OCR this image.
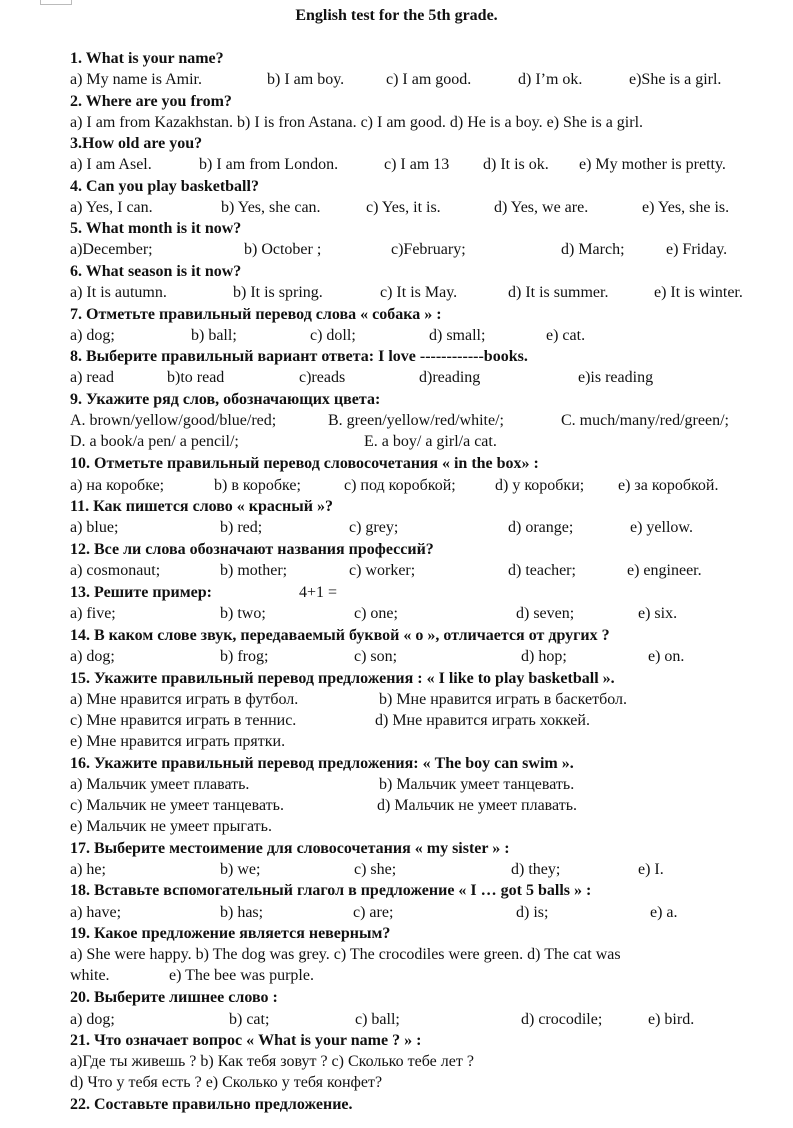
English test for the 5th grade.
1. What is your name?
a) My name is Amir.	b) I am boy.	c) I am good.	d) I’m ok.	e)She is a girl.
2. Where are you from?
a) I am from Kazakhstan. b) I is fron Astana. c) I am good. d) He is a boy. e) She is a girl.
3.How old are you?
a) I am Asel.	b) I am from London.	c) I am 13 d) It is ok. e) My mother is pretty.
4. Can you play basketball?
a) Yes, I can.	b) Yes, she can.	c) Yes, it is.	d) Yes, we are.	e) Yes, she is.
5. What month is it now?
a)December;	b) October ;	c)February;	d) March;	e) Friday.
6. What season is it now?
a) It is autumn.	b) It is spring.	c) It is May.	d) It is summer.	e) It is winter.
7. Отметьте правильный перевод слова « собака » :
a) dog;	b) ball;	c) doll;	d) small;	e) cat.
8. Выберите правильный вариант ответа: I love ------------books.
a) read	b)to read	c)reads	d)reading	e)is reading
9. Укажите ряд слов, обозначающих цвета:
A. brown/yellow/good/blue/red;	B. green/yellow/red/white/;	C. much/many/red/green/;
D. a book/a pen/ a pencil/;	E. a boy/ a girl/a cat.
10. Отметьте правильный перевод словосочетания « in the box» :
a) на коробке;	b) в коробке;	c) под коробкой; d) у коробки; e) за коробкой.
11. Как пишется слово « красный »?
a) blue;	b) red;	c) grey;	d) orange;	e) yellow.
12. Все ли слова обозначают названия профессий?
a) cosmonaut;	b) mother;	c) worker;	d) teacher;	e) engineer.
13. Решите пример:	4+1 =
a) five;	b) two;	c) one;	d) seven;	e) six.
14. В каком слове звук, передаваемый буквой « о », отличается от других ?
a) dog;	b) frog;	c) son;	d) hop;	e) on.
15. Укажите правильный перевод предложения : « I like to play basketball ».
a) Мне нравится играть в футбол.	b) Мне нравится играть в баскетбол.
c) Мне нравится играть в теннис.	d) Мне нравится играть хоккей.
e) Мне нравится играть прятки.
16. Укажите правильный перевод предложения: « The boy can swim ».
a) Мальчик умеет плавать.	b) Мальчик умеет танцевать.
c) Мальчик не умеет танцевать.	d) Мальчик не умеет плавать.
e) Мальчик не умеет прыгать.
17. Выберите местоимение для словосочетания « my sister » :
a) he;	b) we;	c) she;	d) they;	e) I.
18. Вставьте вспомогательный глагол в предложение « I … got 5 balls » :
a) have;	b) has;	c) are;	d) is;	e) a.
19. Какое предложение является неверным?
a) She were happy. b) The dog was grey. c) The crocodiles were green. d) The cat was
white.	e) The bee was purple.
20. Выберите лишнее слово :
a) dog;	b) cat;	c) ball;	d) crocodile;	e) bird.
21. Что означает вопрос « What is your name ? » :
a)Где ты живешь ? b) Как тебя зовут ? c) Сколько тебе лет ?
d) Что у тебя есть ? e) Сколько у тебя конфет?
22. Составьте правильно предложение.
